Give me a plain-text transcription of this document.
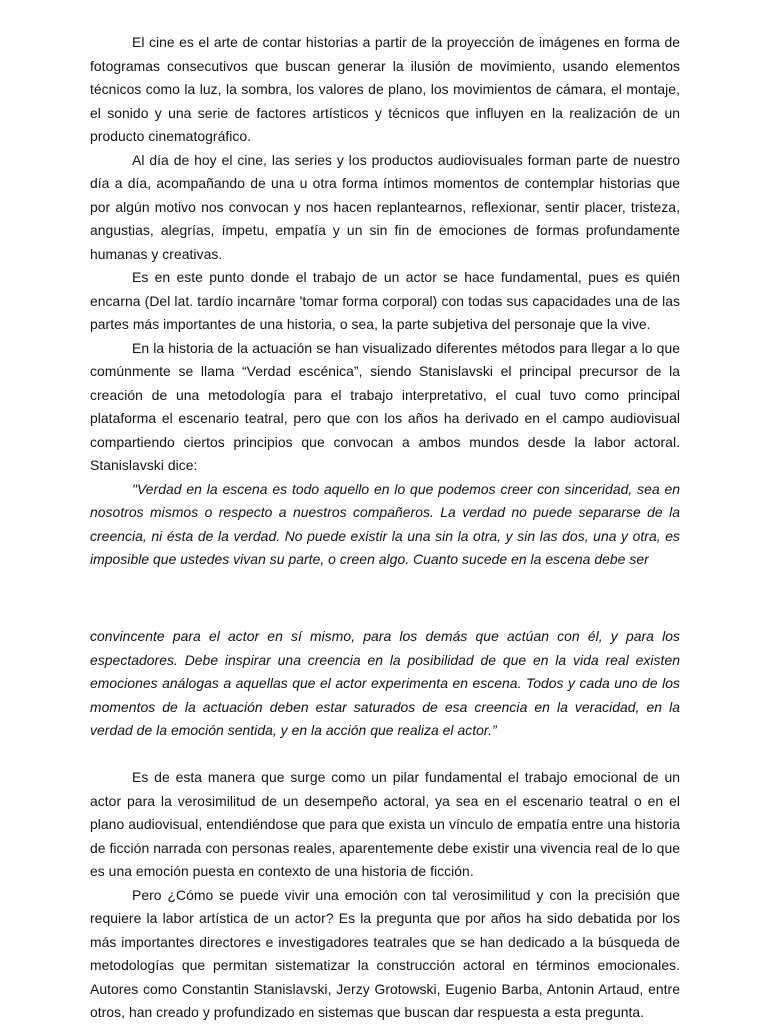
El cine es el arte de contar historias a partir de la proyección de imágenes en forma de fotogramas consecutivos que buscan generar la ilusión de movimiento, usando elementos técnicos como la luz, la sombra, los valores de plano, los movimientos de cámara, el montaje, el sonido y una serie de factores artísticos y técnicos que influyen en la realización de un producto cinematográfico.

Al día de hoy el cine, las series y los productos audiovisuales forman parte de nuestro día a día, acompañando de una u otra forma íntimos momentos de contemplar historias que por algún motivo nos convocan y nos hacen replantearnos, reflexionar, sentir placer, tristeza, angustias, alegrías, ímpetu, empatía y un sin fin de emociones de formas profundamente humanas y creativas.

Es en este punto donde el trabajo de un actor se hace fundamental, pues es quién encarna (Del lat. tardío incarnāre 'tomar forma corporal) con todas sus capacidades una de las partes más importantes de una historia, o sea, la parte subjetiva del personaje que la vive.

En la historia de la actuación se han visualizado diferentes métodos para llegar a lo que comúnmente se llama “Verdad escénica”, siendo Stanislavski el principal precursor de la creación de una metodología para el trabajo interpretativo, el cual tuvo como principal plataforma el escenario teatral, pero que con los años ha derivado en el campo audiovisual compartiendo ciertos principios que convocan a ambos mundos desde la labor actoral. Stanislavski dice:

"Verdad en la escena es todo aquello en lo que podemos creer con sinceridad, sea en nosotros mismos o respecto a nuestros compañeros. La verdad no puede separarse de la creencia, ni ésta de la verdad. No puede existir la una sin la otra, y sin las dos, una y otra, es imposible que ustedes vivan su parte, o creen algo. Cuanto sucede en la escena debe ser

convincente para el actor en sí mismo, para los demás que actúan con él, y para los espectadores. Debe inspirar una creencia en la posibilidad de que en la vida real existen emociones análogas a aquellas que el actor experimenta en escena. Todos y cada uno de los momentos de la actuación deben estar saturados de esa creencia en la veracidad, en la verdad de la emoción sentida, y en la acción que realiza el actor.”

Es de esta manera que surge como un pilar fundamental el trabajo emocional de un actor para la verosimilitud de un desempeño actoral, ya sea en el escenario teatral o en el plano audiovisual, entendiéndose que para que exista un vínculo de empatía entre una historia de ficción narrada con personas reales, aparentemente debe existir una vivencia real de lo que es una emoción puesta en contexto de una historia de ficción.

Pero ¿Cómo se puede vivir una emoción con tal verosimilitud y con la precisión que requiere la labor artística de un actor? Es la pregunta que por años ha sido debatida por los más importantes directores e investigadores teatrales que se han dedicado a la búsqueda de metodologías que permitan sistematizar la construcción actoral en términos emocionales. Autores como Constantin Stanislavski, Jerzy Grotowski, Eugenio Barba, Antonin Artaud, entre otros, han creado y profundizado en sistemas que buscan dar respuesta a esta pregunta.
